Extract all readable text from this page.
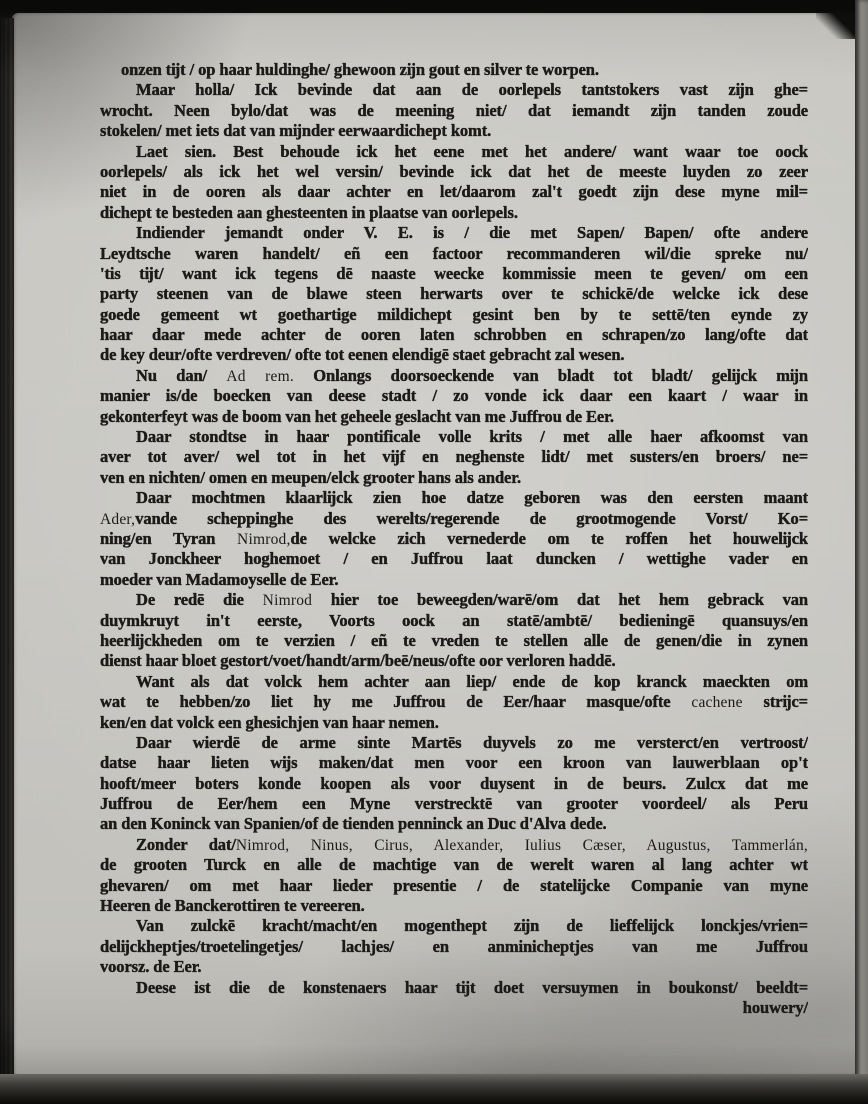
onzen tĳt / op haar huldinghe/ ghewoon zĳn gout en silver te worpen.
Maar holla/ Ick bevinde dat aan de oorlepels tantstokers vast zĳn ghe=
wrocht. Neen bylo/dat was de meening niet/ dat iemandt zĳn tanden zoude
stokelen/ met iets dat van mĳnder eerwaardichept komt.
Laet sien. Best behoude ick het eene met het andere/ want waar toe oock
oorlepels/ als ick het wel versin/ bevinde ick dat het de meeste luyden zo zeer
niet in de ooren als daar achter en let/daarom zal't goedt zĳn dese myne mil=
dichept te besteden aan ghesteenten in plaatse van oorlepels.
Indiender jemandt onder V. E. is / die met Sapen/ Bapen/ ofte andere
Leydtsche waren handelt/ eñ een factoor recommanderen wil/die spreke nu/
'tis tĳt/ want ick tegens dē naaste weecke kommissie meen te geven/ om een
party steenen van de blawe steen herwarts over te schickē/de welcke ick dese
goede gemeent wt goethartige mildichept gesint ben by te settē/ten eynde zy
haar daar mede achter de ooren laten schrobben en schrapen/zo lang/ofte dat
de key deur/ofte verdreven/ ofte tot eenen elendigē staet gebracht zal wesen.
Nu dan/ Ad rem. Onlangs doorsoeckende van bladt tot bladt/ gelĳck mĳn
manier is/de boecken van deese stadt / zo vonde ick daar een kaart / waar in
gekonterfeyt was de boom van het geheele geslacht van me Juffrou de Eer.
Daar stondtse in haar pontificale volle krits / met alle haer afkoomst van
aver tot aver/ wel tot in het vĳf en neghenste lidt/ met susters/en broers/ ne=
ven en nichten/ omen en meupen/elck grooter hans als ander.
Daar mochtmen klaarlĳck zien hoe datze geboren was den eersten maant
Ader,vande scheppinghe des werelts/regerende de grootmogende Vorst/ Ko=
ning/en Tyran Nimrod,de welcke zich vernederde om te roffen het houwelĳck
van Jonckheer hoghemoet / en Juffrou laat duncken / wettighe vader en
moeder van Madamoyselle de Eer.
De redē die Nimrod hier toe beweegden/warē/om dat het hem gebrack van
duymkruyt in't eerste, Voorts oock an statē/ambtē/ bedieningē quansuys/en
heerlĳckheden om te verzien / eñ te vreden te stellen alle de genen/die in zynen
dienst haar bloet gestort/voet/handt/arm/beē/neus/ofte oor verloren haddē.
Want als dat volck hem achter aan liep/ ende de kop kranck maeckten om
wat te hebben/zo liet hy me Juffrou de Eer/haar masque/ofte cachene strĳc=
ken/en dat volck een ghesichjen van haar nemen.
Daar wierdē de arme sinte Martēs duyvels zo me versterct/en vertroost/
datse haar lieten wĳs maken/dat men voor een kroon van lauwerblaan op't
hooft/meer boters konde koopen als voor duysent in de beurs. Zulcx dat me
Juffrou de Eer/hem een Myne verstrecktē van grooter voordeel/ als Peru
an den Koninck van Spanien/of de tienden penninck an Duc d'Alva dede.
Zonder dat/Nimrod, Ninus, Cirus, Alexander, Iulius Cæser, Augustus, Tammerlán,
de grooten Turck en alle de machtige van de werelt waren al lang achter wt
ghevaren/ om met haar lieder presentie / de statelĳcke Companie van myne
Heeren de Banckerottiren te vereeren.
Van zulckē kracht/macht/en mogenthept zĳn de lieffelĳck lonckjes/vrien=
delĳckheptjes/troetelingetjes/ lachjes/ en anminicheptjes van me Juffrou
voorsz. de Eer.
Deese ist die de konstenaers haar tĳt doet versuymen in boukonst/ beeldt=
houwery/
